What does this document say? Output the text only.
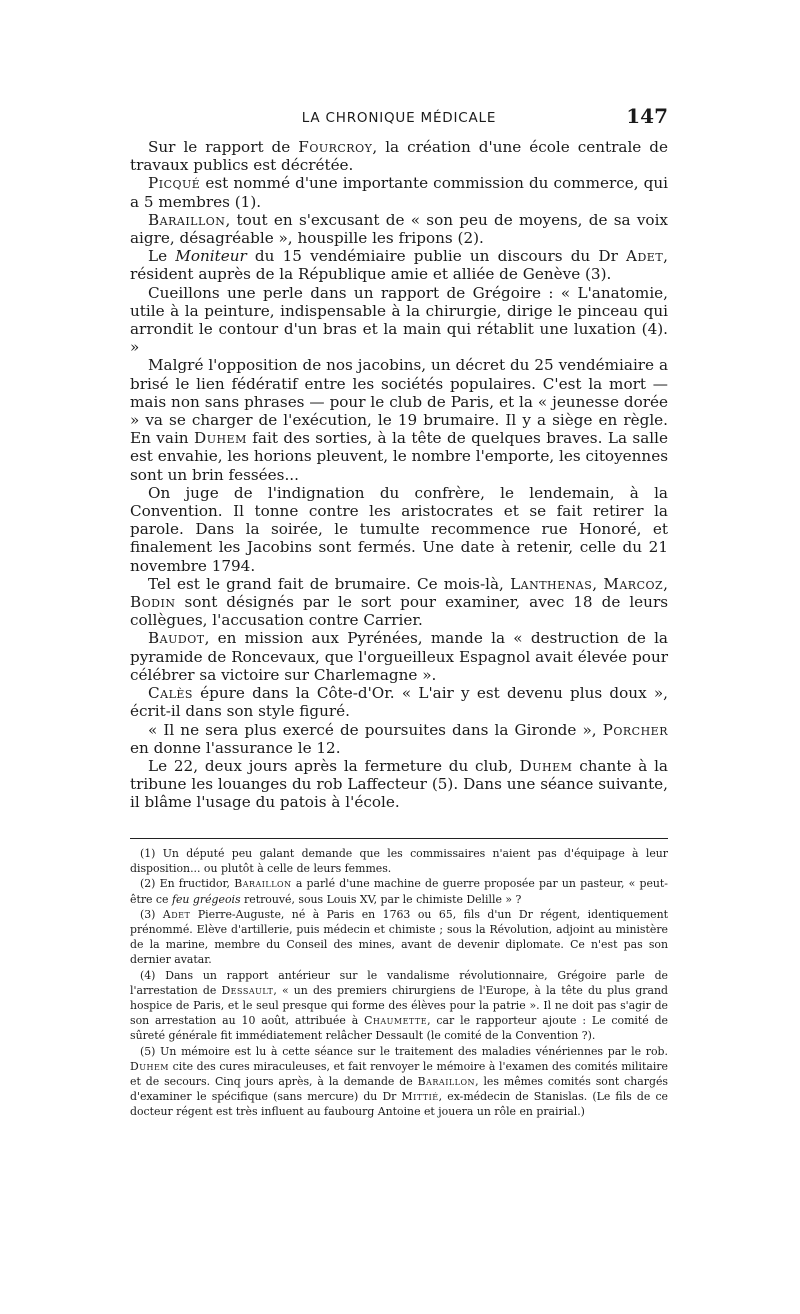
LA CHRONIQUE MÉDICALE	147

Sur le rapport de Fourcroy, la création d'une école centrale de travaux publics est décrétée.

Picqué est nommé d'une importante commission du commerce, qui a 5 membres (1).

Baraillon, tout en s'excusant de « son peu de moyens, de sa voix aigre, désagréable », houspille les fripons (2).

Le Moniteur du 15 vendémiaire publie un discours du Dr Adet, résident auprès de la République amie et alliée de Genève (3).

Cueillons une perle dans un rapport de Grégoire : « L'anatomie, utile à la peinture, indispensable à la chirurgie, dirige le pinceau qui arrondit le contour d'un bras et la main qui rétablit une luxation (4). »

Malgré l'opposition de nos jacobins, un décret du 25 vendémiaire a brisé le lien fédératif entre les sociétés populaires. C'est la mort — mais non sans phrases — pour le club de Paris, et la « jeunesse dorée » va se charger de l'exécution, le 19 brumaire. Il y a siège en règle. En vain Duhem fait des sorties, à la tête de quelques braves. La salle est envahie, les horions pleuvent, le nombre l'emporte, les citoyennes sont un brin fessées...

On juge de l'indignation du confrère, le lendemain, à la Convention. Il tonne contre les aristocrates et se fait retirer la parole. Dans la soirée, le tumulte recommence rue Honoré, et finalement les Jacobins sont fermés. Une date à retenir, celle du 21 novembre 1794.

Tel est le grand fait de brumaire. Ce mois-là, Lanthenas, Marcoz, Bodin sont désignés par le sort pour examiner, avec 18 de leurs collègues, l'accusation contre Carrier.

Baudot, en mission aux Pyrénées, mande la « destruction de la pyramide de Roncevaux, que l'orgueilleux Espagnol avait élevée pour célébrer sa victoire sur Charlemagne ».

Calès épure dans la Côte-d'Or. « L'air y est devenu plus doux », écrit-il dans son style figuré.

« Il ne sera plus exercé de poursuites dans la Gironde », Porcher en donne l'assurance le 12.

Le 22, deux jours après la fermeture du club, Duhem chante à la tribune les louanges du rob Laffecteur (5). Dans une séance suivante, il blâme l'usage du patois à l'école.

(1) Un député peu galant demande que les commissaires n'aient pas d'équipage à leur disposition... ou plutôt à celle de leurs femmes.

(2) En fructidor, Baraillon a parlé d'une machine de guerre proposée par un pasteur, « peut-être ce feu grégeois retrouvé, sous Louis XV, par le chimiste Delille » ?

(3) Adet Pierre-Auguste, né à Paris en 1763 ou 65, fils d'un Dr régent, identiquement prénommé. Elève d'artillerie, puis médecin et chimiste ; sous la Révolution, adjoint au ministère de la marine, membre du Conseil des mines, avant de devenir diplomate. Ce n'est pas son dernier avatar.

(4) Dans un rapport antérieur sur le vandalisme révolutionnaire, Grégoire parle de l'arrestation de Dessault, « un des premiers chirurgiens de l'Europe, à la tête du plus grand hospice de Paris, et le seul presque qui forme des élèves pour la patrie ». Il ne doit pas s'agir de son arrestation au 10 août, attribuée à Chaumette, car le rapporteur ajoute : Le comité de sûreté générale fit immédiatement relâcher Dessault (le comité de la Convention ?).

(5) Un mémoire est lu à cette séance sur le traitement des maladies vénériennes par le rob. Duhem cite des cures miraculeuses, et fait renvoyer le mémoire à l'examen des comités militaire et de secours. Cinq jours après, à la demande de Baraillon, les mêmes comités sont chargés d'examiner le spécifique (sans mercure) du Dr Mittié, ex-médecin de Stanislas. (Le fils de ce docteur régent est très influent au faubourg Antoine et jouera un rôle en prairial.)
